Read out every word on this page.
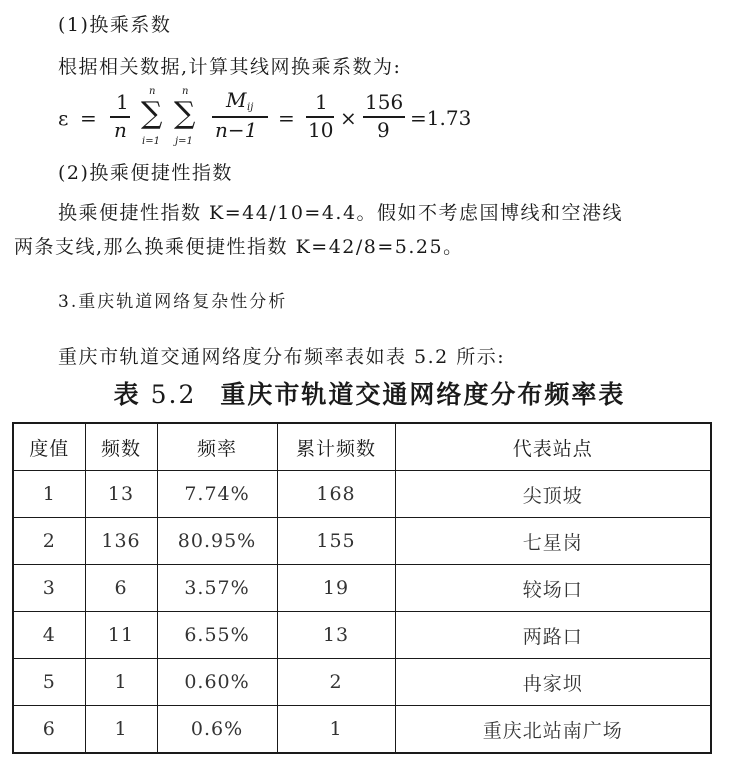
(1)换乘系数
根据相关数据,计算其线网换乘系数为:
ε =
1
n
n
∑
i=1
n
∑
j=1
M ij
n−1 =
1
10 ×
156
9 =1.73
(2)换乘便捷性指数
换乘便捷性指数 K=44/10=4.4。假如不考虑国博线和空港线
两条支线,那么换乘便捷性指数 K=42/8=5.25。
3.重庆轨道网络复杂性分析
重庆市轨道交通网络度分布频率表如表 5.2 所示:
表 5.2 重庆市轨道交通网络度分布频率表
度值	频数	频率	累计频数	代表站点
1	13	7.74%	168	尖顶坡
2	136	80.95%	155	七星岗
3	6	3.57%	19	较场口
4	11	6.55%	13	两路口
5	1	0.60%	2	冉家坝
6	1	0.6%	1	重庆北站南广场
